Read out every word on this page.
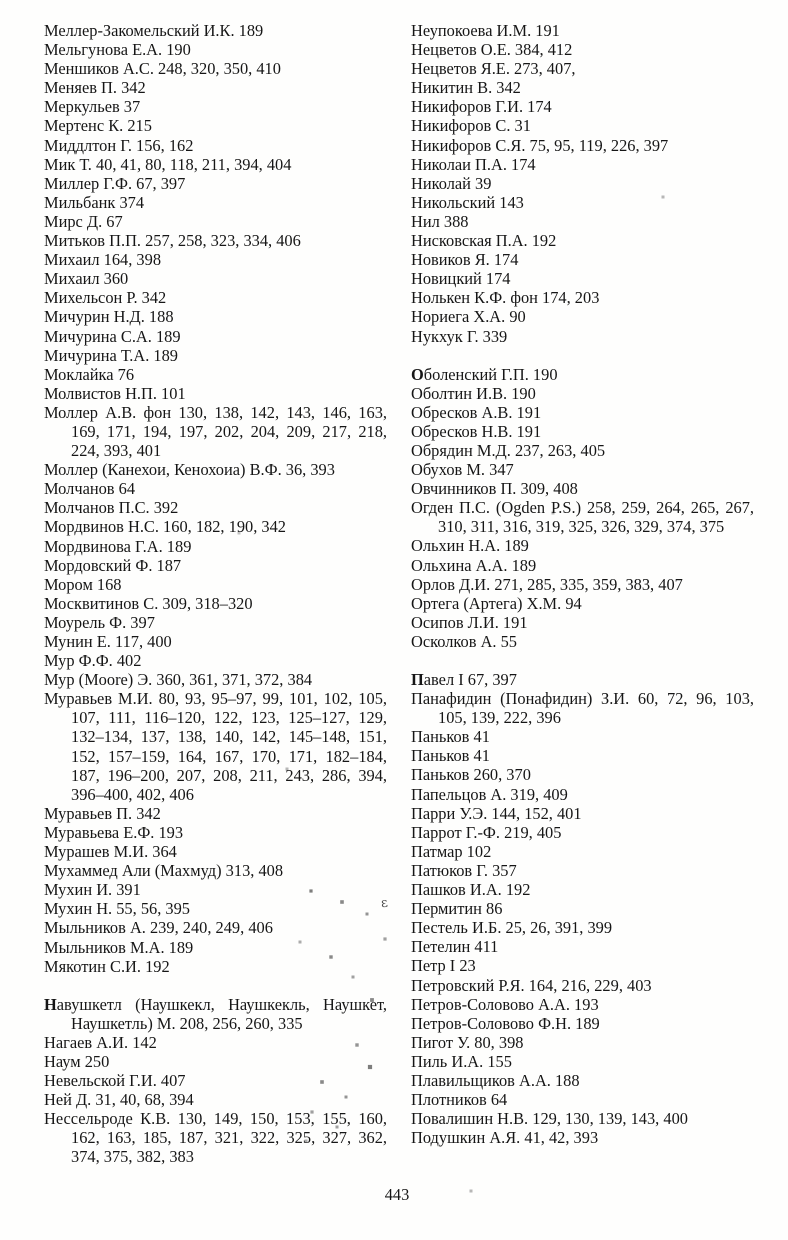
Меллер-Закомельский И.К. 189

Мельгунова Е.А. 190

Меншиков А.С. 248, 320, 350, 410

Меняев П. 342

Меркульев 37

Мертенс К. 215

Миддлтон Г. 156, 162

Мик Т. 40, 41, 80, 118, 211, 394, 404

Миллер Г.Ф. 67, 397

Мильбанк 374

Мирс Д. 67

Митьков П.П. 257, 258, 323, 334, 406

Михаил 164, 398

Михаил 360

Михельсон Р. 342

Мичурин Н.Д. 188

Мичурина С.А. 189

Мичурина Т.А. 189

Моклайка 76

Молвистов Н.П. 101

Моллер А.В. фон 130, 138, 142, 143, 146, 163, 169, 171, 194, 197, 202, 204, 209, 217, 218, 224, 393, 401

Моллер (Канехои, Кенохоиа) В.Ф. 36, 393

Молчанов 64

Молчанов П.С. 392

Мордвинов Н.С. 160, 182, 190, 342

Мордвинова Г.А. 189

Мордовский Ф. 187

Мором 168

Москвитинов С. 309, 318–320

Моурель Ф. 397

Мунин Е. 117, 400

Мур Ф.Ф. 402

Мур (Moore) Э. 360, 361, 371, 372, 384

Муравьев М.И. 80, 93, 95–97, 99, 101, 102, 105, 107, 111, 116–120, 122, 123, 125–127, 129, 132–134, 137, 138, 140, 142, 145–148, 151, 152, 157–159, 164, 167, 170, 171, 182–184, 187, 196–200, 207, 208, 211, 243, 286, 394, 396–400, 402, 406

Муравьев П. 342

Муравьева Е.Ф. 193

Мурашев М.И. 364

Мухаммед Али (Махмуд) 313, 408

Мухин И. 391

Мухин Н. 55, 56, 395

Мыльников А. 239, 240, 249, 406

Мыльников М.А. 189

Мякотин С.И. 192

Навушкетл (Наушкекл, Наушкекль, Наушкет, Наушкетль) М. 208, 256, 260, 335

Нагаев А.И. 142

Наум 250

Невельской Г.И. 407

Ней Д. 31, 40, 68, 394

Нессельроде К.В. 130, 149, 150, 153, 155, 160, 162, 163, 185, 187, 321, 322, 325, 327, 362, 374, 375, 382, 383

Неупокоева И.М. 191

Нецветов О.Е. 384, 412

Нецветов Я.Е. 273, 407,

Никитин В. 342

Никифоров Г.И. 174

Никифоров С. 31

Никифоров С.Я. 75, 95, 119, 226, 397

Николаи П.А. 174

Николай 39

Никольский 143

Нил 388

Нисковская П.А. 192

Новиков Я. 174

Новицкий 174

Нолькен К.Ф. фон 174, 203

Нориега Х.А. 90

Нукхук Г. 339

Оболенский Г.П. 190

Оболтин И.В. 190

Обресков А.В. 191

Обресков Н.В. 191

Обрядин М.Д. 237, 263, 405

Обухов М. 347

Овчинников П. 309, 408

Огден П.С. (Ogden P.S.) 258, 259, 264, 265, 267, 310, 311, 316, 319, 325, 326, 329, 374, 375

Ольхин Н.А. 189

Ольхина А.А. 189

Орлов Д.И. 271, 285, 335, 359, 383, 407

Ортега (Артега) Х.М. 94

Осипов Л.И. 191

Осколков А. 55

Павел I 67, 397

Панафидин (Понафидин) З.И. 60, 72, 96, 103, 105, 139, 222, 396

Паньков 41

Паньков 41

Паньков 260, 370

Папельцов А. 319, 409

Парри У.Э. 144, 152, 401

Паррот Г.-Ф. 219, 405

Патмар 102

Патюков Г. 357

Пашков И.А. 192

Пермитин 86

Пестель И.Б. 25, 26, 391, 399

Петелин 411

Петр I 23

Петровский Р.Я. 164, 216, 229, 403

Петров-Соловово А.А. 193

Петров-Соловово Ф.Н. 189

Пигот У. 80, 398

Пиль И.А. 155

Плавильщиков А.А. 188

Плотников 64

Повалишин Н.В. 129, 130, 139, 143, 400

Подушкин А.Я. 41, 42, 393

ε
443
